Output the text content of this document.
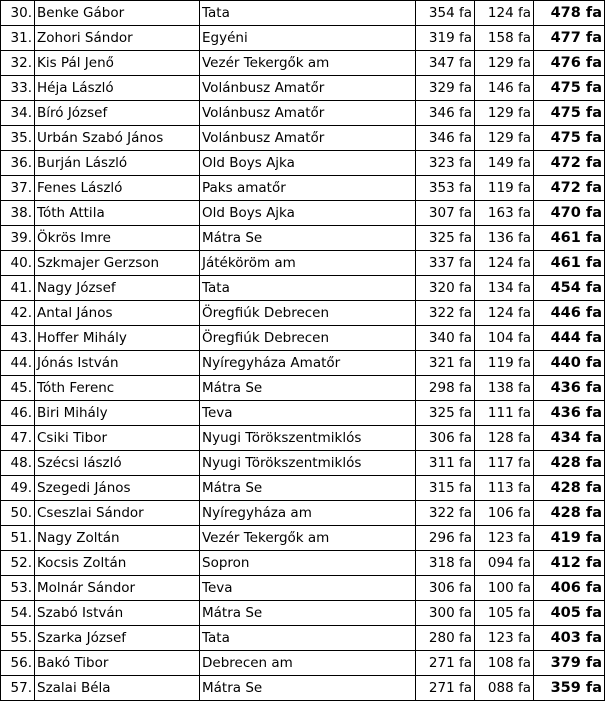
30.	Benke Gábor	Tata	354 fa	124 fa	478 fa
31.	Zohori Sándor	Egyéni	319 fa	158 fa	477 fa
32.	Kis Pál Jenő	Vezér Tekergők am	347 fa	129 fa	476 fa
33.	Héja László	Volánbusz Amatőr	329 fa	146 fa	475 fa
34.	Bíró József	Volánbusz Amatőr	346 fa	129 fa	475 fa
35.	Urbán Szabó János	Volánbusz Amatőr	346 fa	129 fa	475 fa
36.	Burján László	Old Boys Ajka	323 fa	149 fa	472 fa
37.	Fenes László	Paks amatőr	353 fa	119 fa	472 fa
38.	Tóth Attila	Old Boys Ajka	307 fa	163 fa	470 fa
39.	Ökrös Imre	Mátra Se	325 fa	136 fa	461 fa
40.	Szkmajer Gerzson	Játéköröm am	337 fa	124 fa	461 fa
41.	Nagy József	Tata	320 fa	134 fa	454 fa
42.	Antal János	Öregfiúk Debrecen	322 fa	124 fa	446 fa
43.	Hoffer Mihály	Öregfiúk Debrecen	340 fa	104 fa	444 fa
44.	Jónás István	Nyíregyháza Amatőr	321 fa	119 fa	440 fa
45.	Tóth Ferenc	Mátra Se	298 fa	138 fa	436 fa
46.	Biri Mihály	Teva	325 fa	111 fa	436 fa
47.	Csiki Tibor	Nyugi Törökszentmiklós	306 fa	128 fa	434 fa
48.	Szécsi lászló	Nyugi Törökszentmiklós	311 fa	117 fa	428 fa
49.	Szegedi János	Mátra Se	315 fa	113 fa	428 fa
50.	Cseszlai Sándor	Nyíregyháza am	322 fa	106 fa	428 fa
51.	Nagy Zoltán	Vezér Tekergők am	296 fa	123 fa	419 fa
52.	Kocsis Zoltán	Sopron	318 fa	094 fa	412 fa
53.	Molnár Sándor	Teva	306 fa	100 fa	406 fa
54.	Szabó István	Mátra Se	300 fa	105 fa	405 fa
55.	Szarka József	Tata	280 fa	123 fa	403 fa
56.	Bakó Tibor	Debrecen am	271 fa	108 fa	379 fa
57.	Szalai Béla	Mátra Se	271 fa	088 fa	359 fa
